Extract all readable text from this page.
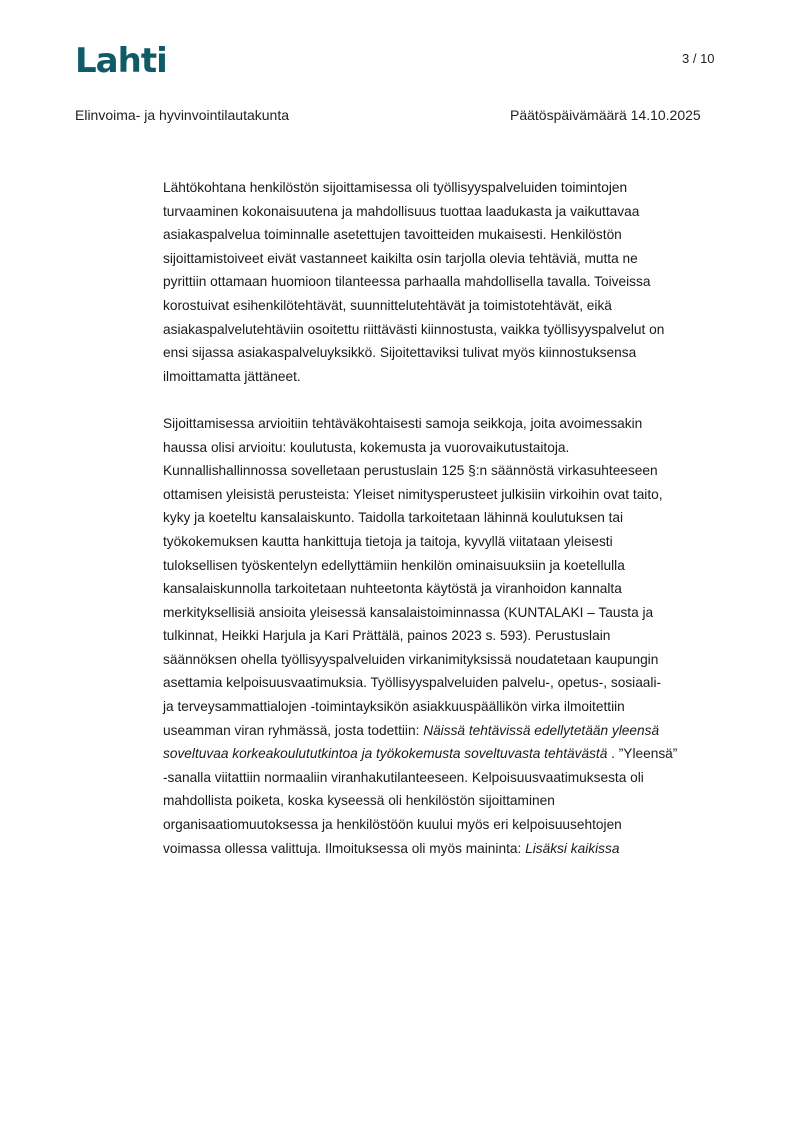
Lahti	3 / 10
Elinvoima- ja hyvinvointilautakunta	Päätöspäivämäärä 14.10.2025
Lähtökohtana henkilöstön sijoittamisessa oli työllisyyspalveluiden toimintojen
turvaaminen kokonaisuutena ja mahdollisuus tuottaa laadukasta ja vaikuttavaa
asiakaspalvelua toiminnalle asetettujen tavoitteiden mukaisesti. Henkilöstön
sijoittamistoiveet eivät vastanneet kaikilta osin tarjolla olevia tehtäviä, mutta ne
pyrittiin ottamaan huomioon tilanteessa parhaalla mahdollisella tavalla. Toiveissa
korostuivat esihenkilötehtävät, suunnittelutehtävät ja toimistotehtävät, eikä
asiakaspalvelutehtäviin osoitettu riittävästi kiinnostusta, vaikka työllisyyspalvelut on
ensi sijassa asiakaspalveluyksikkö. Sijoitettaviksi tulivat myös kiinnostuksensa
ilmoittamatta jättäneet.
Sijoittamisessa arvioitiin tehtäväkohtaisesti samoja seikkoja, joita avoimessakin
haussa olisi arvioitu: koulutusta, kokemusta ja vuorovaikutustaitoja.
Kunnallishallinnossa sovelletaan perustuslain 125 §:n säännöstä virkasuhteeseen
ottamisen yleisistä perusteista: Yleiset nimitysperusteet julkisiin virkoihin ovat taito,
kyky ja koeteltu kansalaiskunto. Taidolla tarkoitetaan lähinnä koulutuksen tai
työkokemuksen kautta hankittuja tietoja ja taitoja, kyvyllä viitataan yleisesti
tuloksellisen työskentelyn edellyttämiin henkilön ominaisuuksiin ja koetellulla
kansalaiskunnolla tarkoitetaan nuhteetonta käytöstä ja viranhoidon kannalta
merkityksellisiä ansioita yleisessä kansalaistoiminnassa (KUNTALAKI – Tausta ja
tulkinnat, Heikki Harjula ja Kari Prättälä, painos 2023 s. 593). Perustuslain
säännöksen ohella työllisyyspalveluiden virkanimityksissä noudatetaan kaupungin
asettamia kelpoisuusvaatimuksia. Työllisyyspalveluiden palvelu-, opetus-, sosiaali-
ja terveysammattialojen -toimintayksikön asiakkuuspäällikön virka ilmoitettiin
useamman viran ryhmässä, josta todettiin: Näissä tehtävissä edellytetään yleensä
soveltuvaa korkeakoulututkintoa ja työkokemusta soveltuvasta tehtävästä . ”Yleensä”
-sanalla viitattiin normaaliin viranhakutilanteeseen. Kelpoisuusvaatimuksesta oli
mahdollista poiketa, koska kyseessä oli henkilöstön sijoittaminen
organisaatiomuutoksessa ja henkilöstöön kuului myös eri kelpoisuusehtojen
voimassa ollessa valittuja. Ilmoituksessa oli myös maininta: Lisäksi kaikissa
